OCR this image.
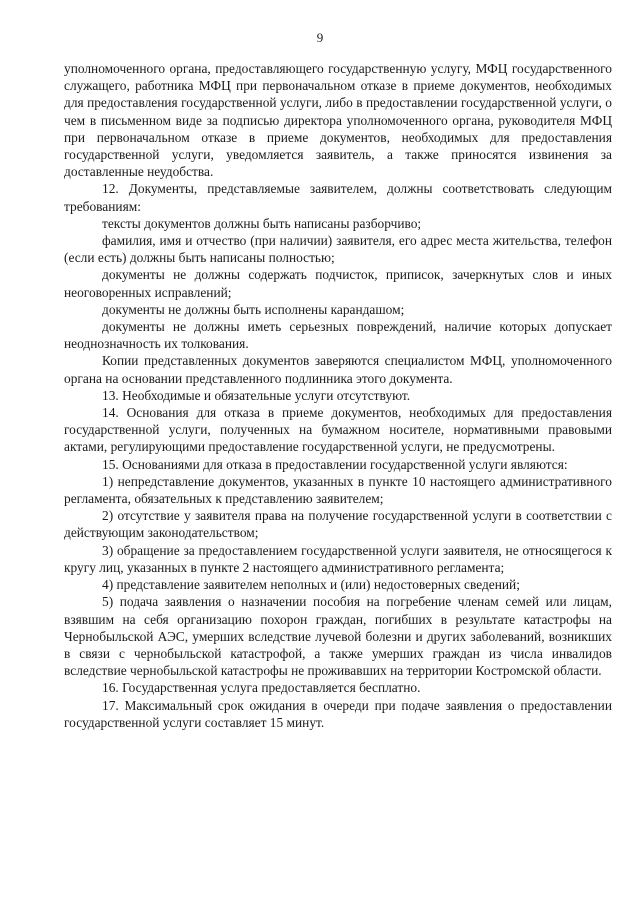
9

уполномоченного органа, предоставляющего государственную услугу, МФЦ государственного служащего, работника МФЦ при первоначальном отказе в приеме документов, необходимых для предоставления государственной услуги, либо в предоставлении государственной услуги, о чем в письменном виде за подписью директора уполномоченного органа, руководителя МФЦ при первоначальном отказе в приеме документов, необходимых для предоставления государственной услуги, уведомляется заявитель, а также приносятся извинения за доставленные неудобства.

12. Документы, представляемые заявителем, должны соответствовать следующим требованиям:

тексты документов должны быть написаны разборчиво;

фамилия, имя и отчество (при наличии) заявителя, его адрес места жительства, телефон (если есть) должны быть написаны полностью;

документы не должны содержать подчисток, приписок, зачеркнутых слов и иных неоговоренных исправлений;

документы не должны быть исполнены карандашом;

документы не должны иметь серьезных повреждений, наличие которых допускает неоднозначность их толкования.

Копии представленных документов заверяются специалистом МФЦ, уполномоченного органа на основании представленного подлинника этого документа.

13. Необходимые и обязательные услуги отсутствуют.

14. Основания для отказа в приеме документов, необходимых для предоставления государственной услуги, полученных на бумажном носителе, нормативными правовыми актами, регулирующими предоставление государственной услуги, не предусмотрены.

15. Основаниями для отказа в предоставлении государственной услуги являются:

1) непредставление документов, указанных в пункте 10 настоящего административного регламента, обязательных к представлению заявителем;

2) отсутствие у заявителя права на получение государственной услуги в соответствии с действующим законодательством;

3) обращение за предоставлением государственной услуги заявителя, не относящегося к кругу лиц, указанных в пункте 2 настоящего административного регламента;

4) представление заявителем неполных и (или) недостоверных сведений;

5) подача заявления о назначении пособия на погребение членам семей или лицам, взявшим на себя организацию похорон граждан, погибших в результате катастрофы на Чернобыльской АЭС, умерших вследствие лучевой болезни и других заболеваний, возникших в связи с чернобыльской катастрофой, а также умерших граждан из числа инвалидов вследствие чернобыльской катастрофы не проживавших на территории Костромской области.

16. Государственная услуга предоставляется бесплатно.

17. Максимальный срок ожидания в очереди при подаче заявления о предоставлении государственной услуги составляет 15 минут.
